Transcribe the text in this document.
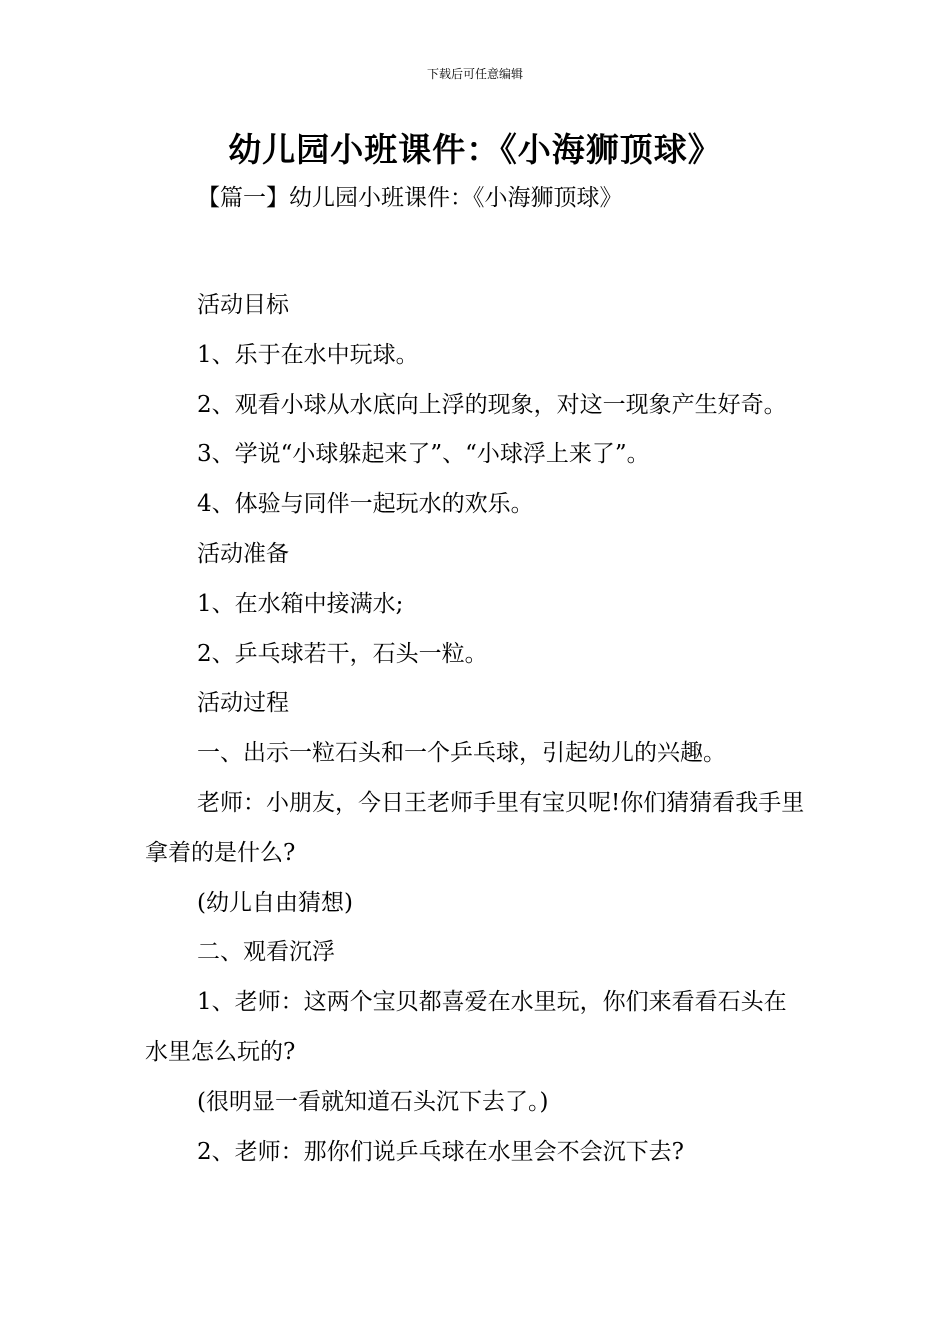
下载后可任意编辑
幼儿园小班课件：《小海狮顶球》
【篇一】幼儿园小班课件：《小海狮顶球》

活动目标

1、乐于在水中玩球。

2、观看小球从水底向上浮的现象，对这一现象产生好奇。

3、学说“小球躲起来了”、“小球浮上来了”。

4、体验与同伴一起玩水的欢乐。

活动准备

1、在水箱中接满水;

2、乒乓球若干，石头一粒。

活动过程

一、出示一粒石头和一个乒乓球，引起幼儿的兴趣。

老师：小朋友，今日王老师手里有宝贝呢!你们猜猜看我手里拿着的是什么?

(幼儿自由猜想)

二、观看沉浮

1、老师：这两个宝贝都喜爱在水里玩，你们来看看石头在水里怎么玩的?

(很明显一看就知道石头沉下去了。)

2、老师：那你们说乒乓球在水里会不会沉下去?
